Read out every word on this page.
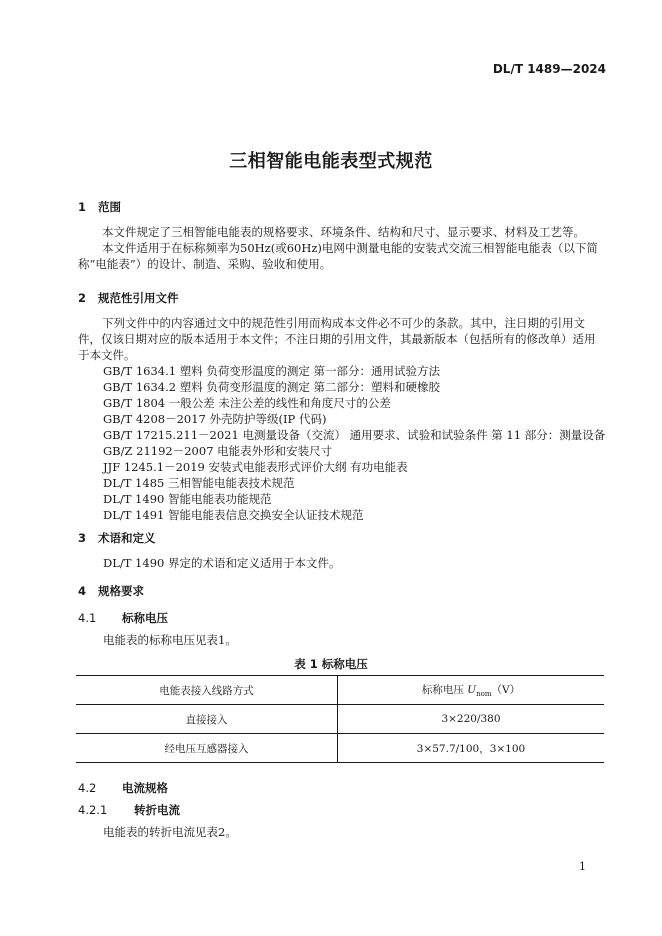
DL/T 1489—2024
三相智能电能表型式规范
1 范围
本文件规定了三相智能电能表的规格要求、环境条件、结构和尺寸、显示要求、材料及工艺等。
本文件适用于在标称频率为50Hz(或60Hz)电网中测量电能的安装式交流三相智能电能表（以下简称“电能表”）的设计、制造、采购、验收和使用。
2 规范性引用文件
下列文件中的内容通过文中的规范性引用而构成本文件必不可少的条款。其中，注日期的引用文件，仅该日期对应的版本适用于本文件；不注日期的引用文件，其最新版本（包括所有的修改单）适用于本文件。
GB/T 1634.1 塑料 负荷变形温度的测定 第一部分：通用试验方法
GB/T 1634.2 塑料 负荷变形温度的测定 第二部分：塑料和硬橡胶
GB/T 1804 一般公差 未注公差的线性和角度尺寸的公差
GB/T 4208－2017 外壳防护等级(IP 代码)
GB/T 17215.211－2021 电测量设备（交流） 通用要求、试验和试验条件 第 11 部分：测量设备
GB/Z 21192－2007 电能表外形和安装尺寸
JJF 1245.1－2019 安装式电能表形式评价大纲 有功电能表
DL/T 1485 三相智能电能表技术规范
DL/T 1490 智能电能表功能规范
DL/T 1491 智能电能表信息交换安全认证技术规范
3 术语和定义
DL/T 1490 界定的术语和定义适用于本文件。
4 规格要求
4.1 标称电压
电能表的标称电压见表1。
表 1 标称电压
电能表接入线路方式	标称电压 $U_{nom}(V)$
直接接入	3×220/380
经电压互感器接入	3×57.7/100，3×100
4.2 电流规格
4.2.1 转折电流
电能表的转折电流见表2。
1
